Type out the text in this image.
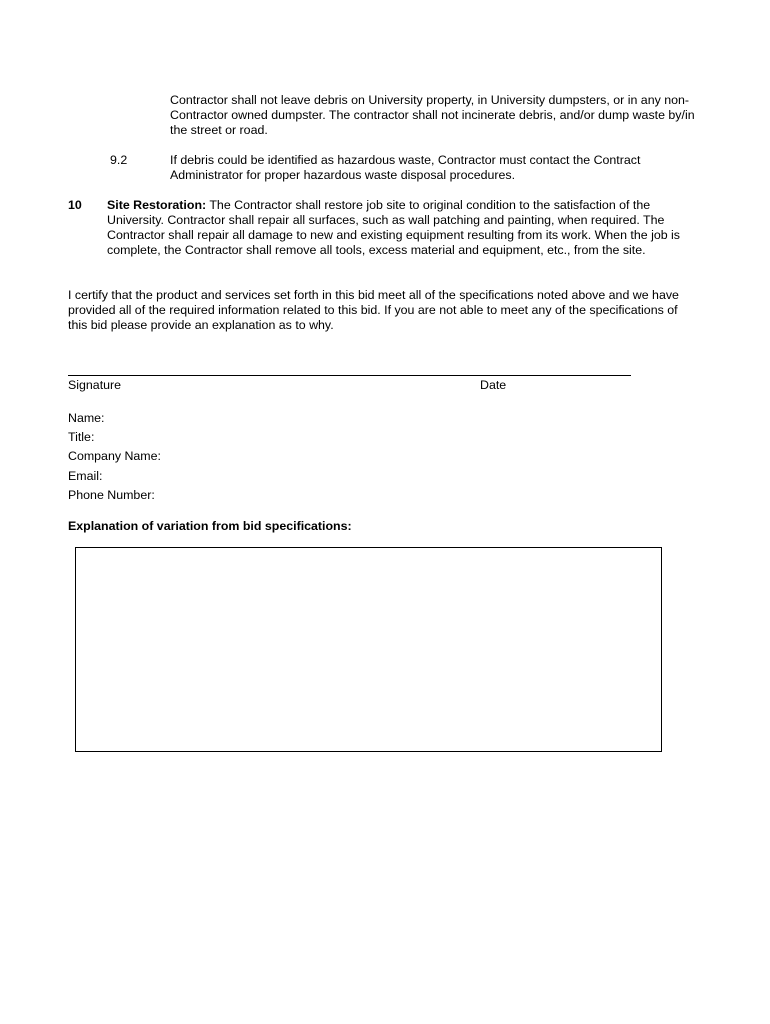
Contractor shall not leave debris on University property, in University dumpsters, or in any non-Contractor owned dumpster. The contractor shall not incinerate debris, and/or dump waste by/in the street or road.

9.2	If debris could be identified as hazardous waste, Contractor must contact the Contract Administrator for proper hazardous waste disposal procedures.

10 Site Restoration: The Contractor shall restore job site to original condition to the satisfaction of the University. Contractor shall repair all surfaces, such as wall patching and painting, when required. The Contractor shall repair all damage to new and existing equipment resulting from its work. When the job is complete, the Contractor shall remove all tools, excess material and equipment, etc., from the site.

I certify that the product and services set forth in this bid meet all of the specifications noted above and we have provided all of the required information related to this bid. If you are not able to meet any of the specifications of this bid please provide an explanation as to why.

Signature	Date

Name:

Title:

Company Name:

Email:

Phone Number:

Explanation of variation from bid specifications:
